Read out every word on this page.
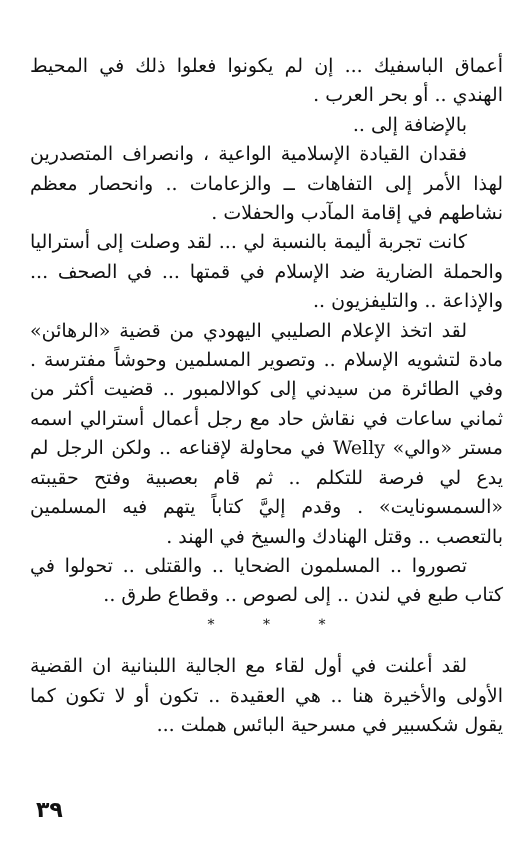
أعماق الباسفيك ... إن لم يكونوا فعلوا ذلك في المحيط الهندي .. أو بحر العرب .

بالإضافة إلى ..

فقدان القيادة الإسلامية الواعية ، وانصراف المتصدرين لهذا الأمر إلى التفاهات ــ والزعامات .. وانحصار معظم نشاطهم في إقامة المآدب والحفلات .

كانت تجربة أليمة بالنسبة لي ... لقد وصلت إلى أستراليا والحملة الضارية ضد الإسلام في قمتها ... في الصحف ... والإذاعة .. والتليفزيون ..

لقد اتخذ الإعلام الصليبي اليهودي من قضية «الرهائن» مادة لتشويه الإسلام .. وتصوير المسلمين وحوشاً مفترسة . وفي الطائرة من سيدني إلى كوالالمبور .. قضيت أكثر من ثماني ساعات في نقاش حاد مع رجل أعمال أسترالي اسمه مستر «والي» Welly في محاولة لإقناعه .. ولكن الرجل لم يدع لي فرصة للتكلم .. ثم قام بعصبية وفتح حقيبته «السمسونايت» . وقدم إليَّ كتاباً يتهم فيه المسلمين بالتعصب .. وقتل الهنادك والسيخ في الهند .

تصوروا .. المسلمون الضحايا .. والقتلى .. تحولوا في كتاب طبع في لندن .. إلى لصوص .. وقطاع طرق ..

* * *

لقد أعلنت في أول لقاء مع الجالية اللبنانية ان القضية الأولى والأخيرة هنا .. هي العقيدة .. تكون أو لا تكون كما يقول شكسبير في مسرحية البائس هملت ...

٣٩
